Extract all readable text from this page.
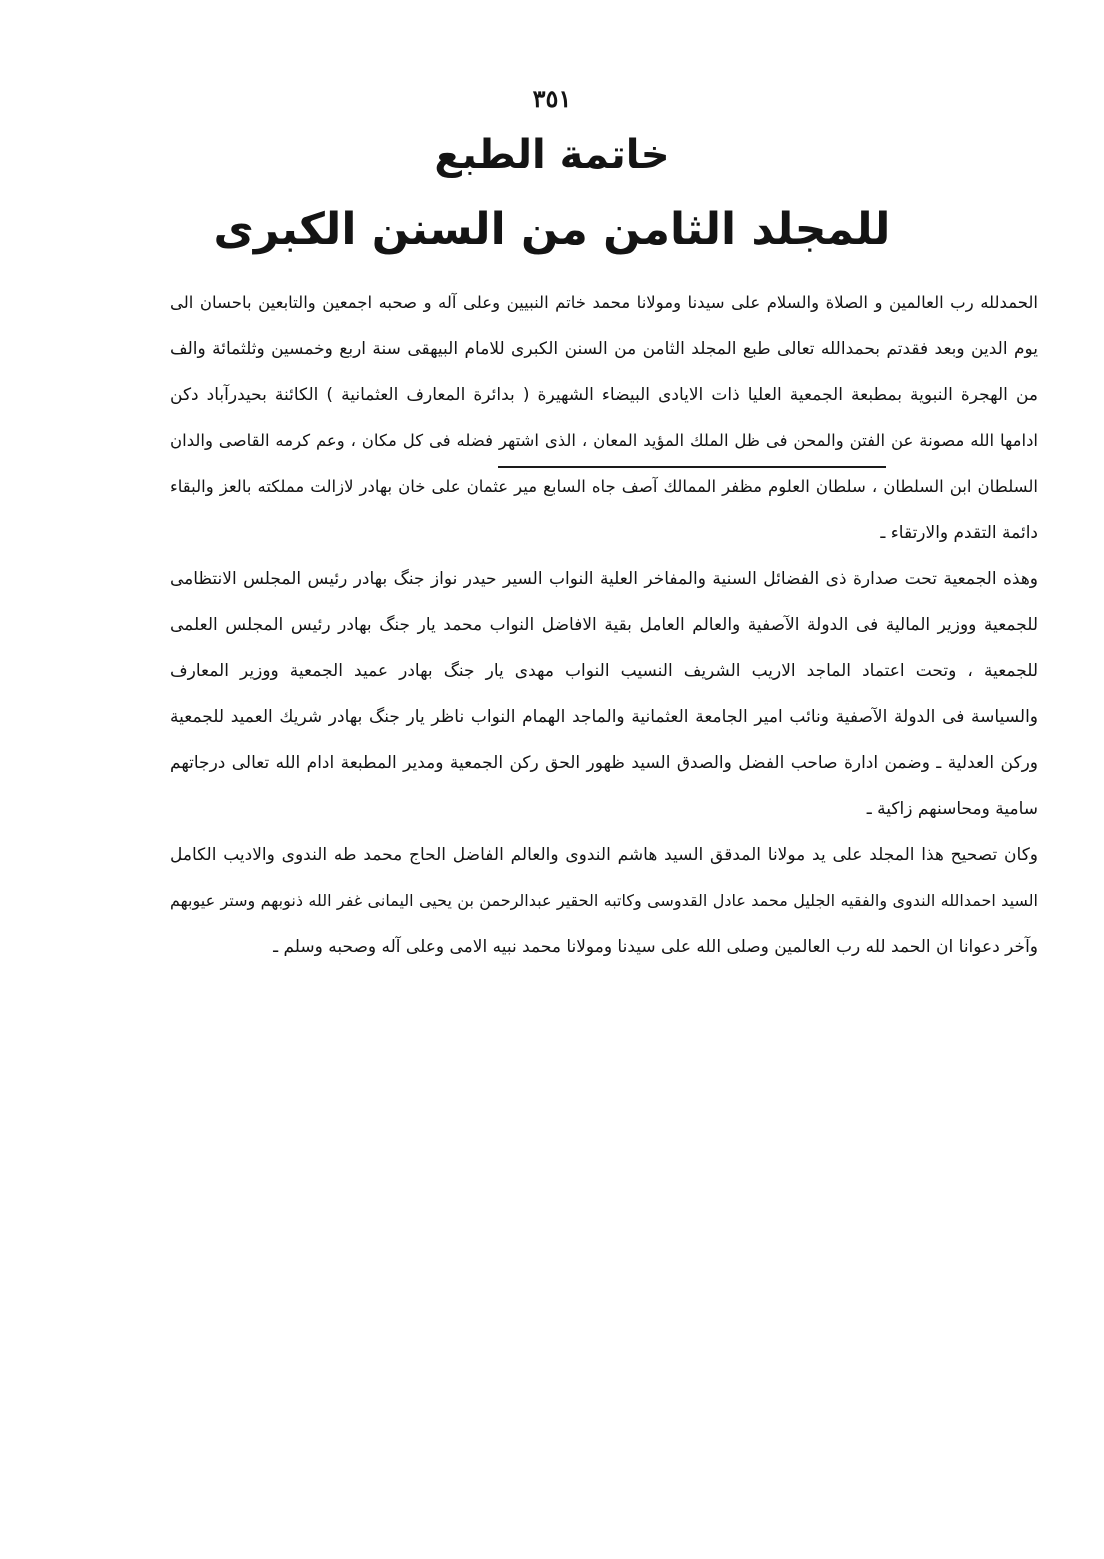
٣٥١
خاتمة الطبع
للمجلد الثامن من السنن الكبرى
الحمدلله رب العالمين و الصلاة والسلام على سيدنا ومولانا محمد خاتم النبيين وعلى آله و صحبه اجمعين والتابعين باحسان الى
يوم الدين وبعد فقدتم بحمدالله تعالى طبع المجلد الثامن من السنن الكبرى للامام البيهقى سنة اربع وخمسين وثلثمائة والف
من الهجرة النبوية بمطبعة الجمعية العليا ذات الايادى البيضاء الشهيرة ( بدائرة المعارف العثمانية ) الكائنة بحيدرآباد دكن
ادامها الله مصونة عن الفتن والمحن فى ظل الملك المؤيد المعان ، الذى اشتهر فضله فى كل مكان ، وعم كرمه القاصى والدان
السلطان ابن السلطان ، سلطان العلوم مظفر الممالك آصف جاه السابع مير عثمان على خان بهادر لازالت مملكته بالعز والبقاء
دائمة التقدم والارتقاء ـ
وهذه الجمعية تحت صدارة ذى الفضائل السنية والمفاخر العلية النواب السير حيدر نواز جنگ بهادر رئيس المجلس الانتظامى
للجمعية ووزير المالية فى الدولة الآصفية والعالم العامل بقية الافاضل النواب محمد يار جنگ بهادر رئيس المجلس العلمى
للجمعية ، وتحت اعتماد الماجد الاريب الشريف النسيب النواب مهدى يار جنگ بهادر عميد الجمعية ووزير المعارف
والسياسة فى الدولة الآصفية ونائب امير الجامعة العثمانية والماجد الهمام النواب ناظر يار جنگ بهادر شريك العميد للجمعية
وركن العدلية ـ وضمن ادارة صاحب الفضل والصدق السيد ظهور الحق ركن الجمعية ومدير المطبعة ادام الله تعالى درجاتهم
سامية ومحاسنهم زاكية ـ
وكان تصحيح هذا المجلد على يد مولانا المدقق السيد هاشم الندوى والعالم الفاضل الحاج محمد طه الندوى والاديب الكامل
السيد احمدالله الندوى والفقيه الجليل محمد عادل القدوسى وكاتبه الحقير عبدالرحمن بن يحيى اليمانى غفر الله ذنوبهم وستر عيوبهم
وآخر دعوانا ان الحمد لله رب العالمين وصلى الله على سيدنا ومولانا محمد نبيه الامى وعلى آله وصحبه وسلم ـ
